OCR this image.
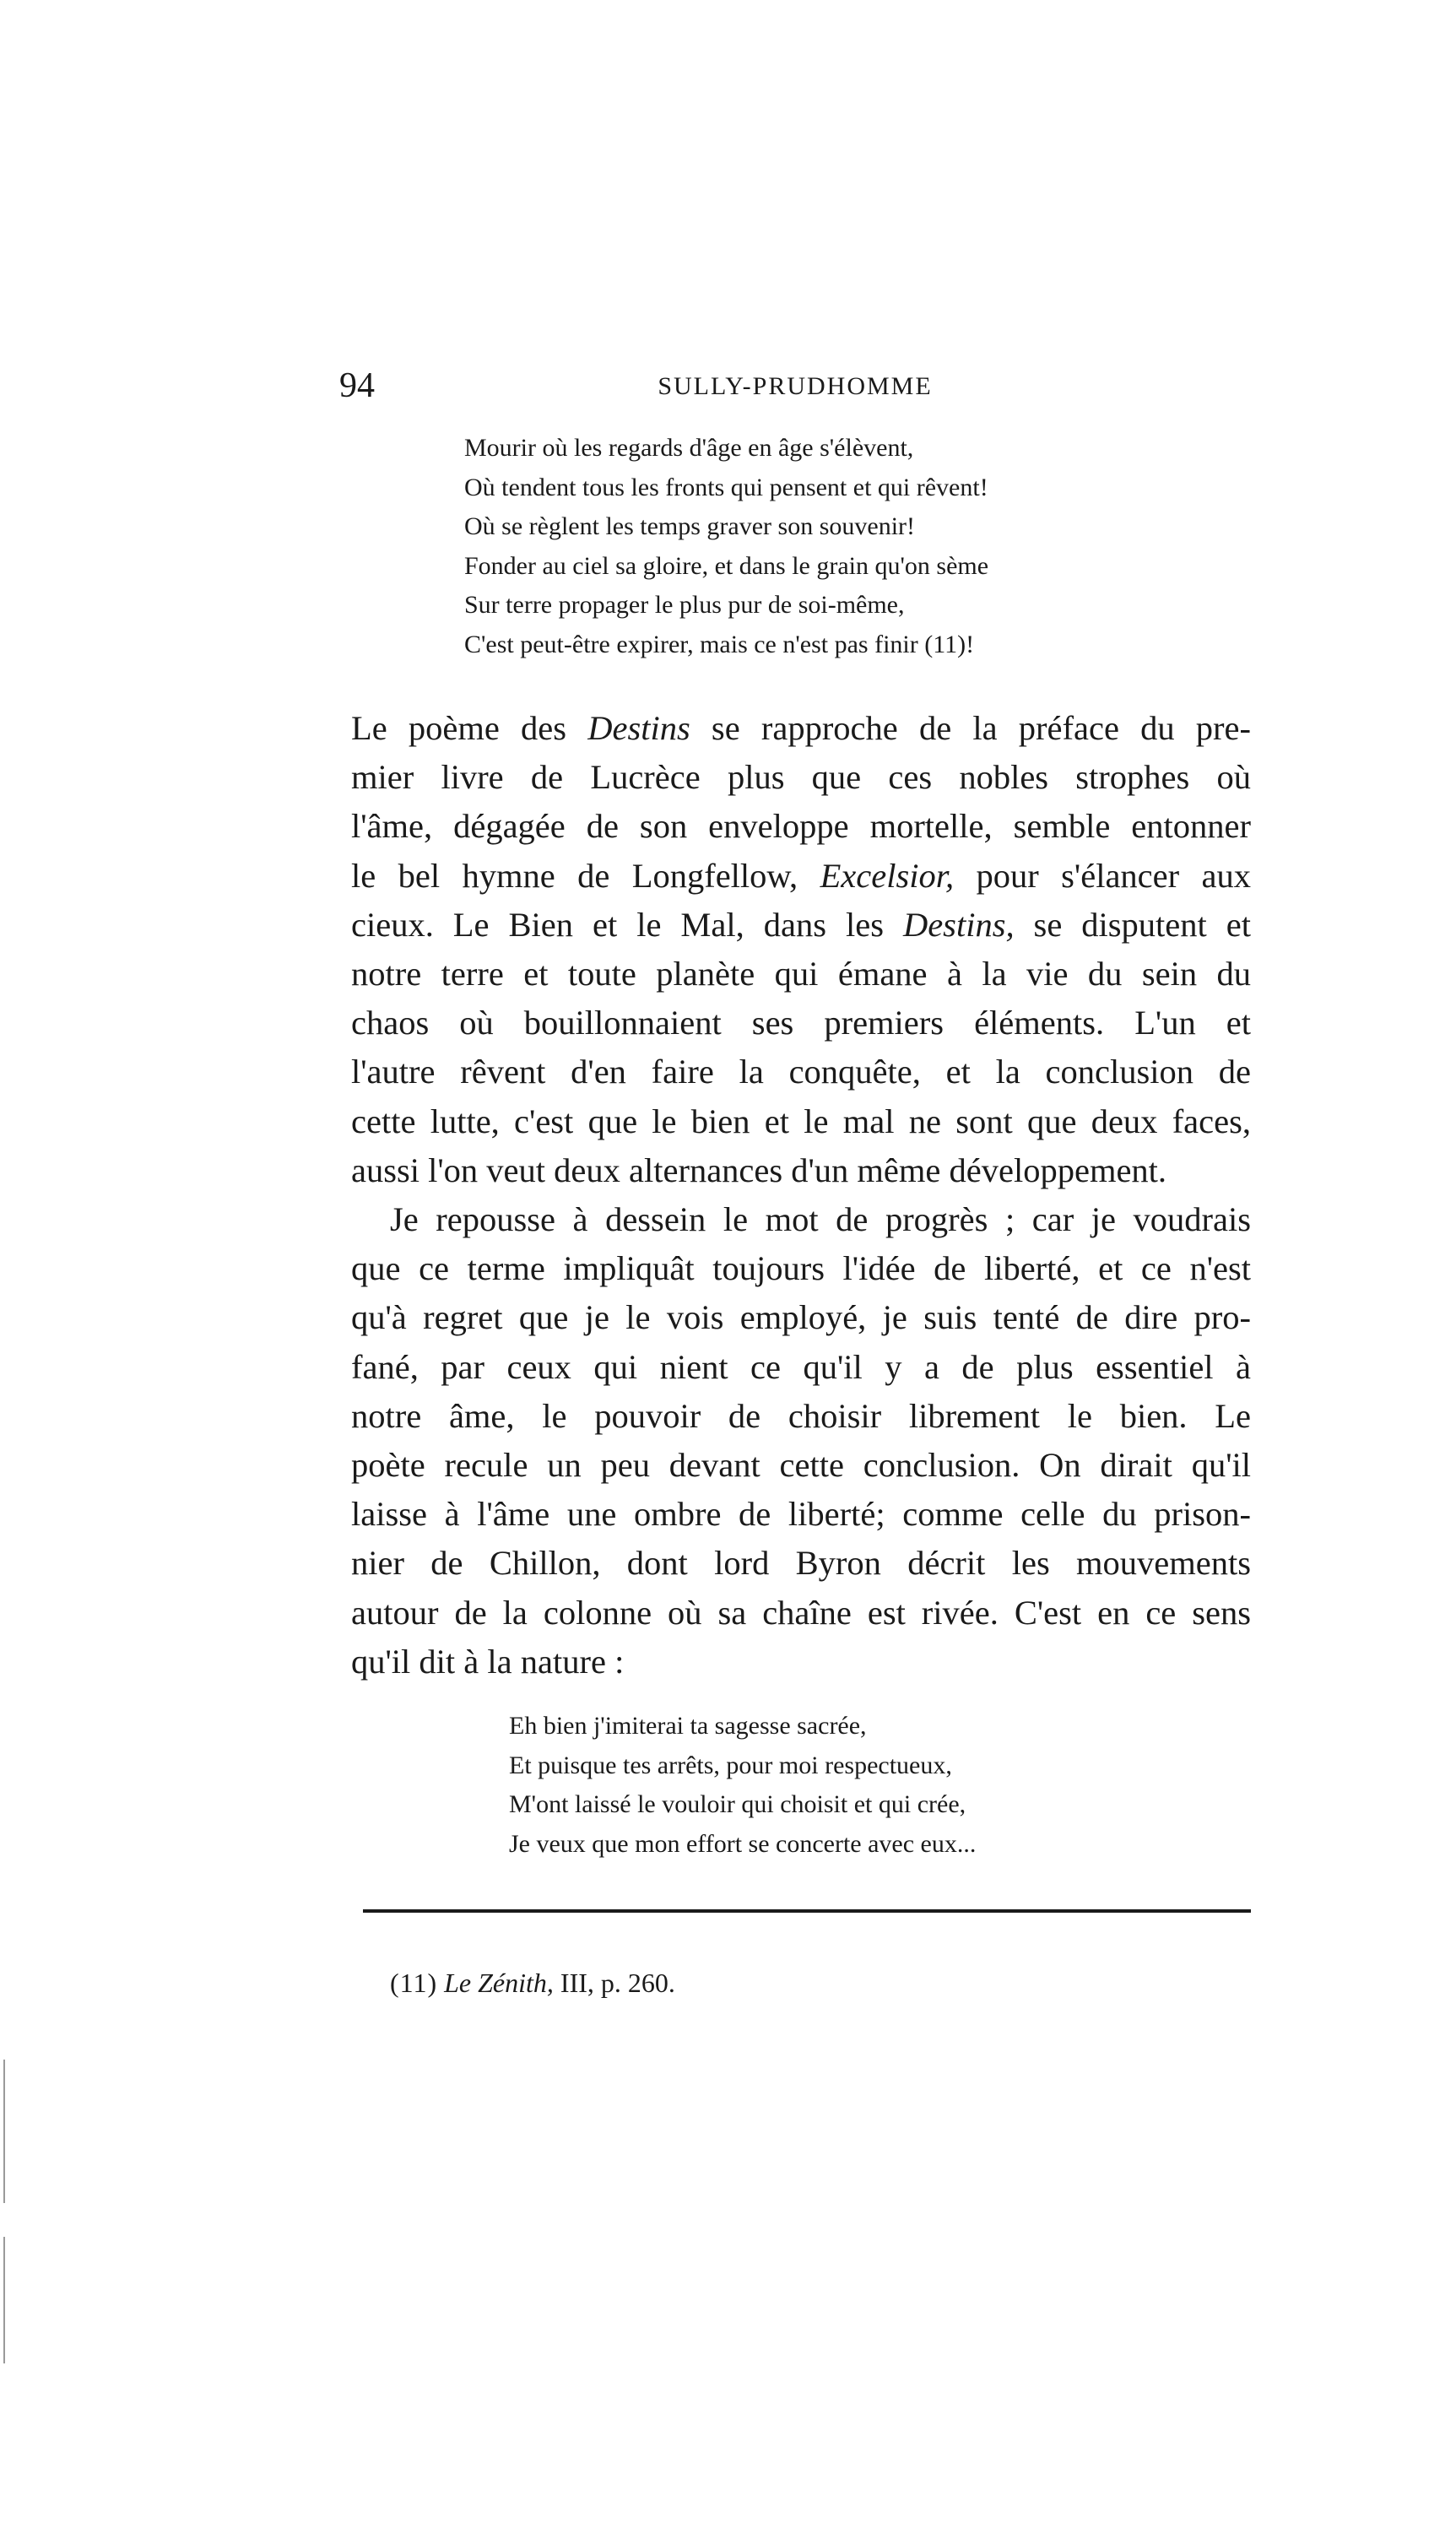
94	SULLY-PRUDHOMME
Mourir où les regards d'âge en âge s'élèvent,
Où tendent tous les fronts qui pensent et qui rêvent!
Où se règlent les temps graver son souvenir!
Fonder au ciel sa gloire, et dans le grain qu'on sème
Sur terre propager le plus pur de soi-même,
C'est peut-être expirer, mais ce n'est pas finir (11)!
Le poème des Destins se rapproche de la préface du pre-
mier livre de Lucrèce plus que ces nobles strophes où
l'âme, dégagée de son enveloppe mortelle, semble entonner
le bel hymne de Longfellow, Excelsior, pour s'élancer aux
cieux. Le Bien et le Mal, dans les Destins, se disputent et
notre terre et toute planète qui émane à la vie du sein du
chaos où bouillonnaient ses premiers éléments. L'un et
l'autre rêvent d'en faire la conquête, et la conclusion de
cette lutte, c'est que le bien et le mal ne sont que deux faces,
aussi l'on veut deux alternances d'un même développement.
Je repousse à dessein le mot de progrès ; car je voudrais
que ce terme impliquât toujours l'idée de liberté, et ce n'est
qu'à regret que je le vois employé, je suis tenté de dire pro-
fané, par ceux qui nient ce qu'il y a de plus essentiel à
notre âme, le pouvoir de choisir librement le bien. Le
poète recule un peu devant cette conclusion. On dirait qu'il
laisse à l'âme une ombre de liberté; comme celle du prison-
nier de Chillon, dont lord Byron décrit les mouvements
autour de la colonne où sa chaîne est rivée. C'est en ce sens
qu'il dit à la nature :
Eh bien j'imiterai ta sagesse sacrée,
Et puisque tes arrêts, pour moi respectueux,
M'ont laissé le vouloir qui choisit et qui crée,
Je veux que mon effort se concerte avec eux...
(11) Le Zénith, III, p. 260.
